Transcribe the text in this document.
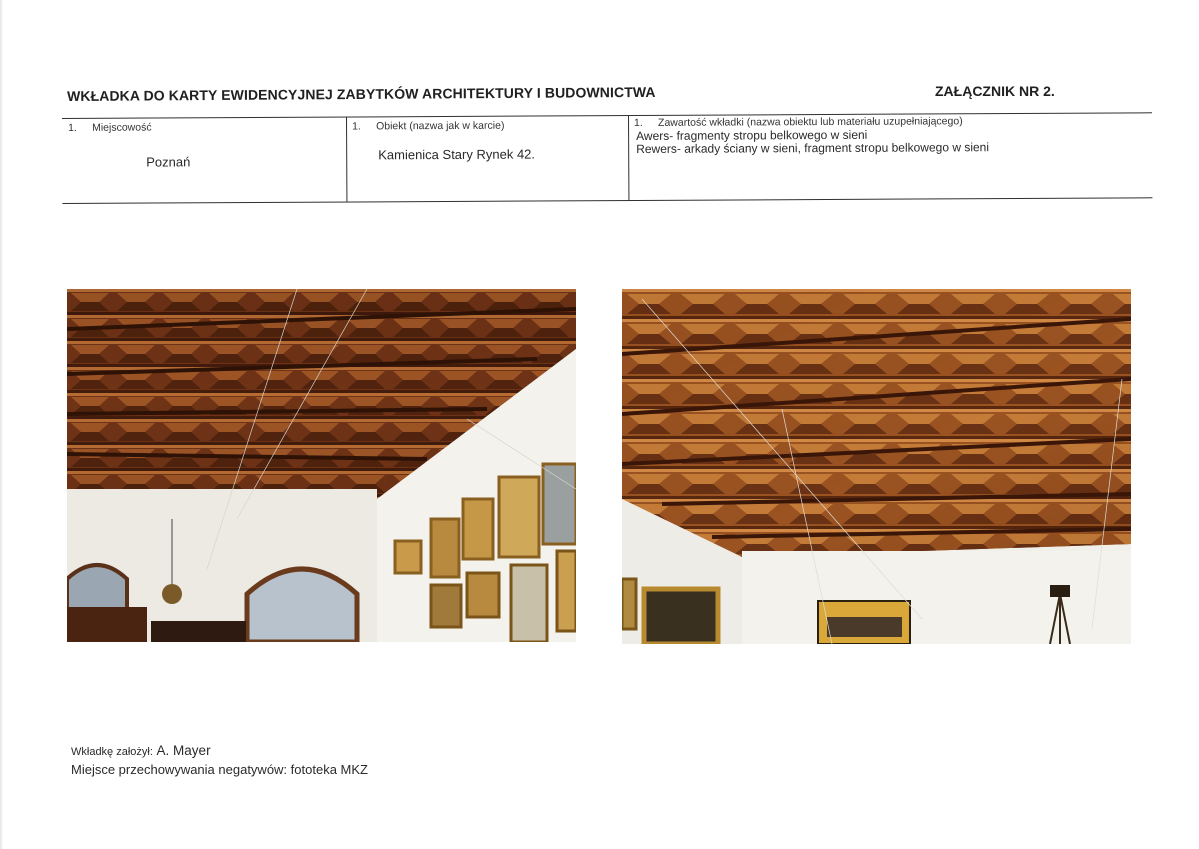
WKŁADKA DO KARTY EWIDENCYJNEJ ZABYTKÓW ARCHITEKTURY I BUDOWNICTWA	ZAŁĄCZNIK NR 2.
1. Miejscowość
Poznań
1. Obiekt (nazwa jak w karcie)
Kamienica Stary Rynek 42.
1. Zawartość wkładki (nazwa obiektu lub materiału uzupełniającego)
Awers- fragmenty stropu belkowego w sieni
Rewers- arkady ściany w sieni, fragment stropu belkowego w sieni
Wkładkę założył: A. Mayer
Miejsce przechowywania negatywów: fototeka MKZ
